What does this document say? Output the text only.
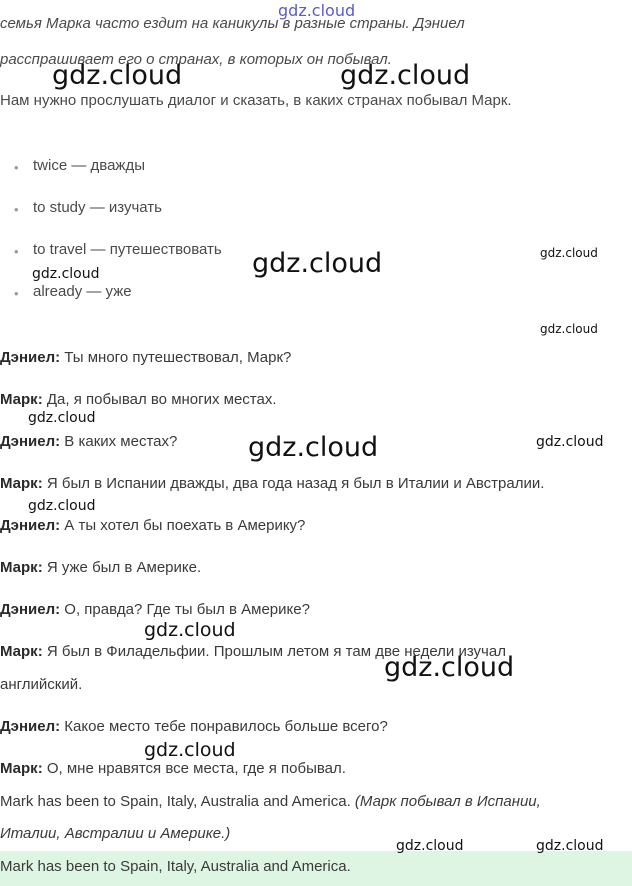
gdz.cloud
семья Марка часто ездит на каникулы в разные страны. Дэниел
расспрашивает его о странах, в которых он побывал.
Нам нужно прослушать диалог и сказать, в каких странах побывал Марк.
• twice — дважды
• to study — изучать
• to travel — путешествовать
• already — уже
Дэниел: Ты много путешествовал, Марк?
Марк: Да, я побывал во многих местах.
Дэниел: В каких местах?
Марк: Я был в Испании дважды, два года назад я был в Италии и Австралии.
Дэниел: А ты хотел бы поехать в Америку?
Марк: Я уже был в Америке.
Дэниел: О, правда? Где ты был в Америке?
Марк: Я был в Филадельфии. Прошлым летом я там две недели изучал
английский.
Дэниел: Какое место тебе понравилось больше всего?
Марк: О, мне нравятся все места, где я побывал.
Mark has been to Spain, Italy, Australia and America. (Марк побывал в Испании,
Италии, Австралии и Америке.)
Mark has been to Spain, Italy, Australia and America.
gdz.cloud	gdz.cloud
gdz.cloud	gdz.cloud
gdz.cloud
gdz.cloud
gdz.cloud
gdz.cloud	gdz.cloud
gdz.cloud
gdz.cloud
gdz.cloud
gdz.cloud
gdz.cloud	gdz.cloud
